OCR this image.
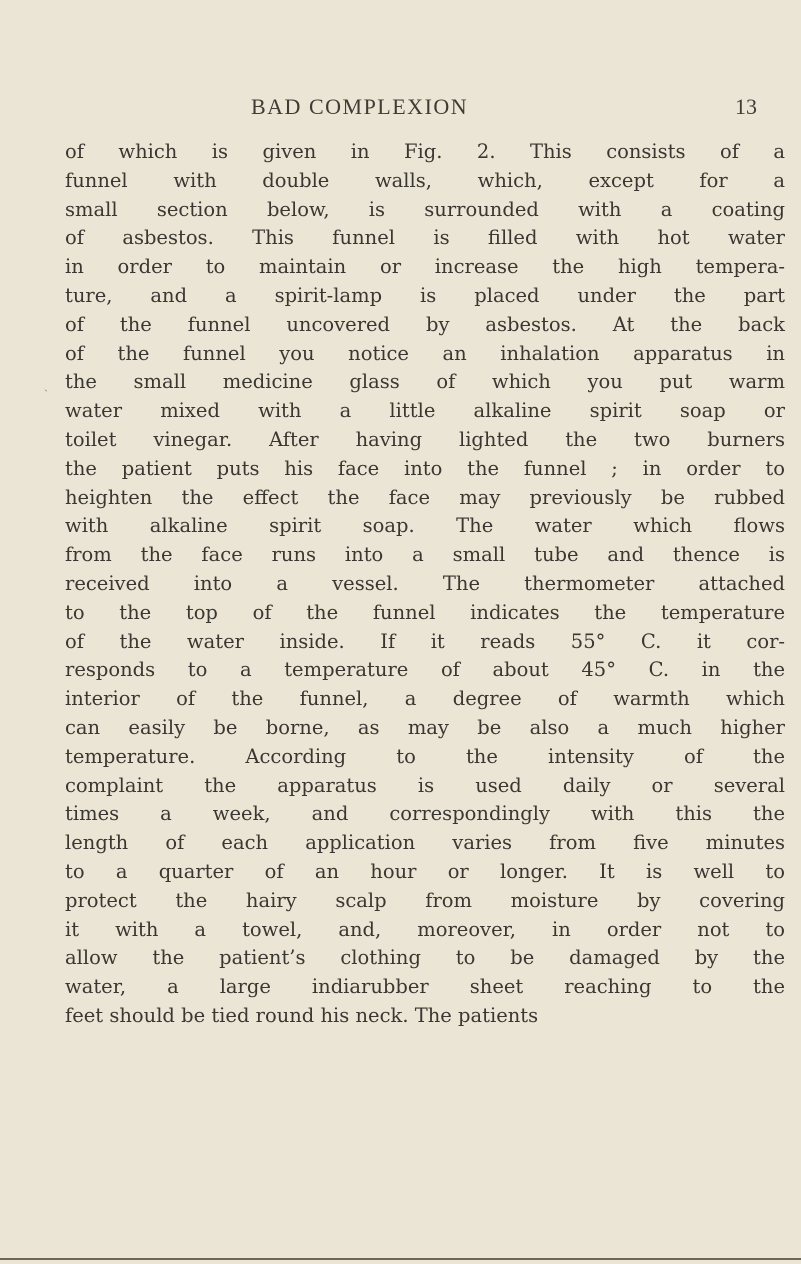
BAD COMPLEXION	13
ˏ
of which is given in Fig. 2. This consists of a
funnel with double walls, which, except for a
small section below, is surrounded with a coating
of asbestos. This funnel is filled with hot water
in order to maintain or increase the high tempera-
ture, and a spirit-lamp is placed under the part
of the funnel uncovered by asbestos. At the back
of the funnel you notice an inhalation apparatus in
the small medicine glass of which you put warm
water mixed with a little alkaline spirit soap or
toilet vinegar. After having lighted the two burners
the patient puts his face into the funnel ; in order to
heighten the effect the face may previously be rubbed
with alkaline spirit soap. The water which flows
from the face runs into a small tube and thence is
received into a vessel. The thermometer attached
to the top of the funnel indicates the temperature
of the water inside. If it reads 55° C. it cor-
responds to a temperature of about 45° C. in the
interior of the funnel, a degree of warmth which
can easily be borne, as may be also a much higher
temperature. According to the intensity of the
complaint the apparatus is used daily or several
times a week, and correspondingly with this the
length of each application varies from five minutes
to a quarter of an hour or longer. It is well to
protect the hairy scalp from moisture by covering
it with a towel, and, moreover, in order not to
allow the patient’s clothing to be damaged by the
water, a large indiarubber sheet reaching to the
feet should be tied round his neck. The patients
